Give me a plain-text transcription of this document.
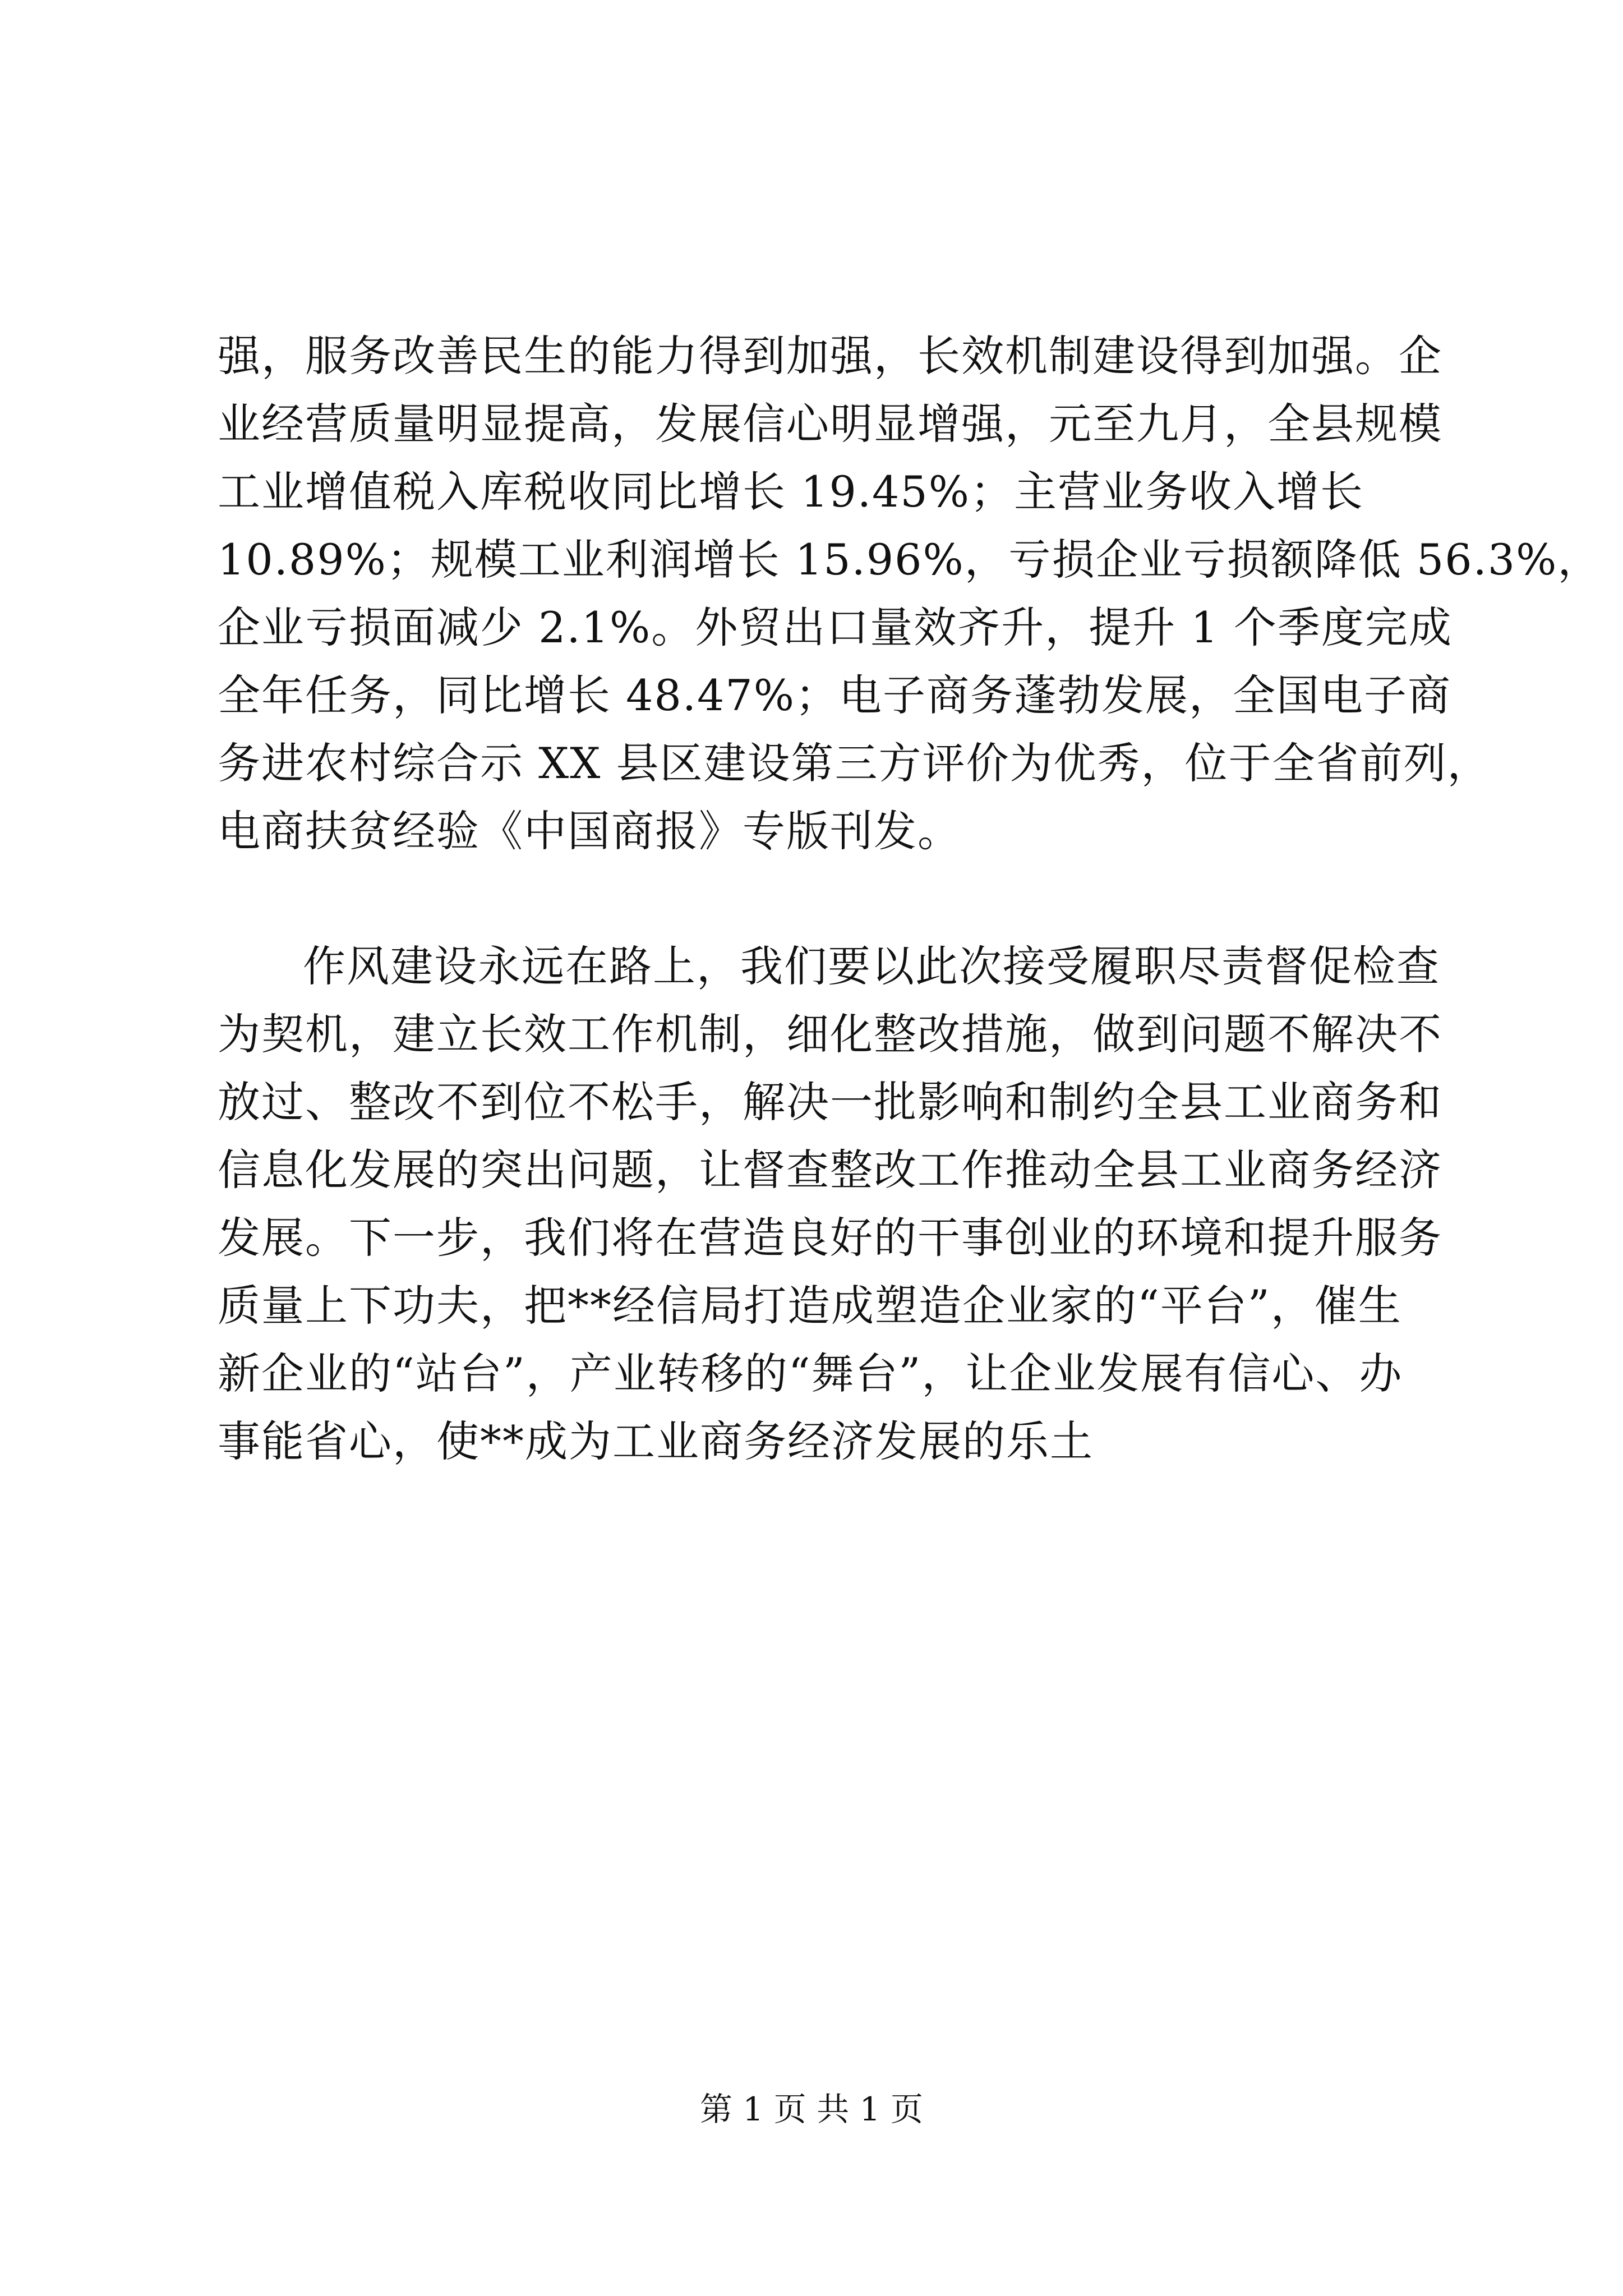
强，服务改善民生的能力得到加强，长效机制建设得到加强。企
业经营质量明显提高，发展信心明显增强，元至九月，全县规模
工业增值税入库税收同比增长 19.45%；主营业务收入增长
10.89%；规模工业利润增长 15.96%，亏损企业亏损额降低 56.3%，
企业亏损面减少 2.1%。外贸出口量效齐升，提升 1 个季度完成
全年任务，同比增长 48.47%；电子商务蓬勃发展，全国电子商
务进农村综合示 XX 县区建设第三方评价为优秀，位于全省前列，
电商扶贫经验《中国商报》专版刊发。
作风建设永远在路上，我们要以此次接受履职尽责督促检查
为契机，建立长效工作机制，细化整改措施，做到问题不解决不
放过、整改不到位不松手，解决一批影响和制约全县工业商务和
信息化发展的突出问题，让督查整改工作推动全县工业商务经济
发展。下一步，我们将在营造良好的干事创业的环境和提升服务
质量上下功夫，把**经信局打造成塑造企业家的“平台”，催生
新企业的“站台”，产业转移的“舞台”，让企业发展有信心、办
事能省心，使**成为工业商务经济发展的乐土
第 1 页 共 1 页
